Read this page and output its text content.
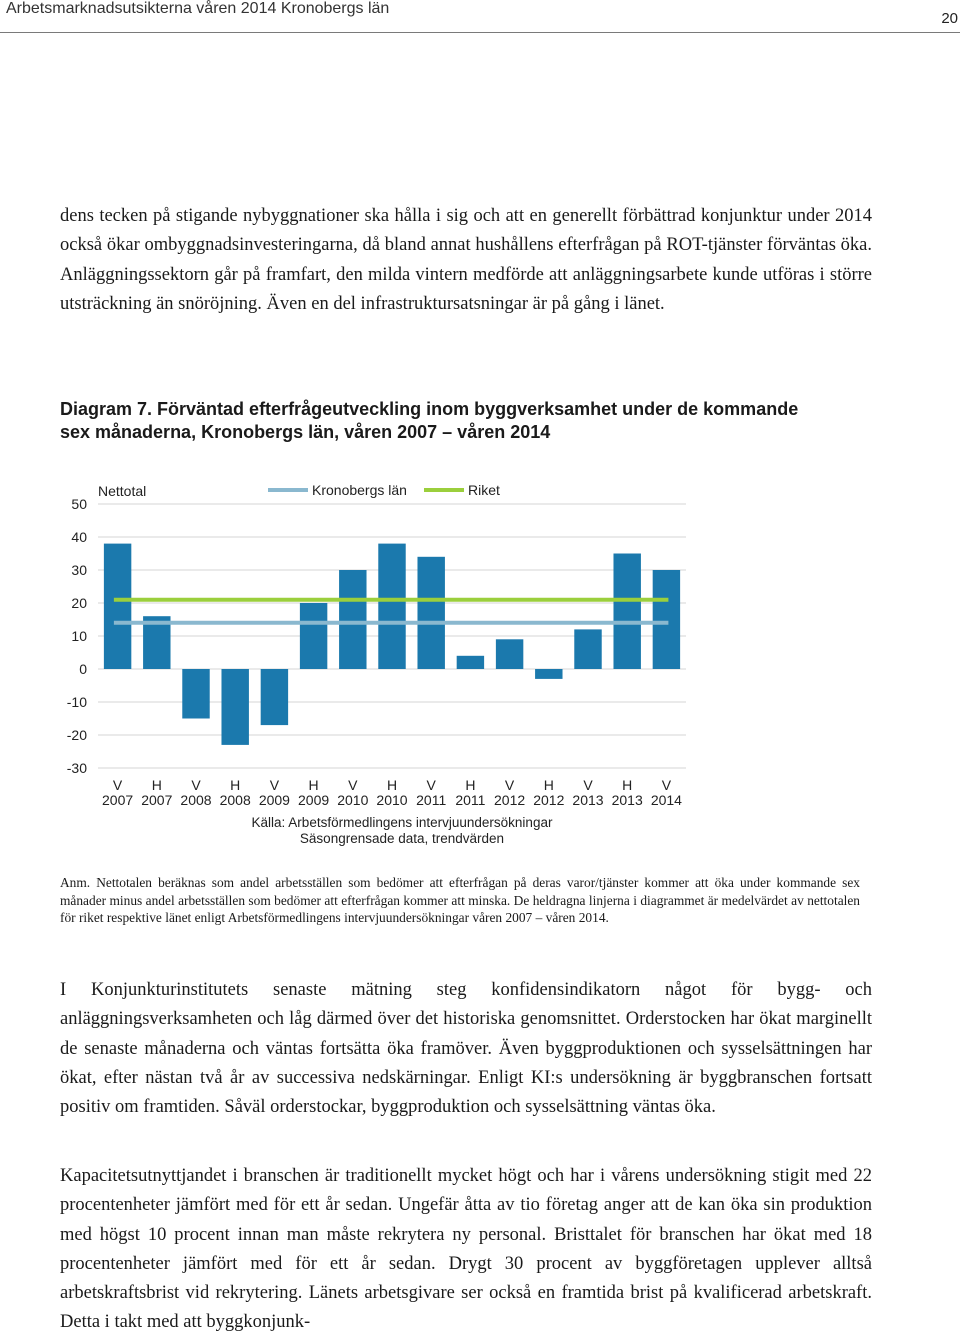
Arbetsmarknadsutsikterna våren 2014 Kronobergs län
20

dens tecken på stigande nybyggnationer ska hålla i sig och att en generellt förbättrad konjunktur under 2014 också ökar ombyggnadsinvesteringarna, då bland annat hushållens efterfrågan på ROT-tjänster förväntas öka. Anläggningssektorn går på framfart, den milda vintern medförde att anläggningsarbete kunde utföras i större utsträckning än snöröjning. Även en del infrastruktursatsningar är på gång i länet.

Diagram 7. Förväntad efterfrågeutveckling inom byggverksamhet under de kommande sex månaderna, Kronobergs län, våren 2007 – våren 2014

50
40
30
20
10
0
-10
-20
-30
V
2007
H
2007
V
2008
H
2008
V
2009
H
2009
V
2010
H
2010
V
2011
H
2011
V
2012
H
2012
V
2013
H
2013
V
2014
Kronobergs län	Riket
Nettotal
Källa: Arbetsförmedlingens intervjuundersökningar
Säsongrensade data, trendvärden

Anm. Nettotalen beräknas som andel arbetsställen som bedömer att efterfrågan på deras varor/tjänster kommer att öka under kommande sex månader minus andel arbetsställen som bedömer att efterfrågan kommer att minska. De heldragna linjerna i diagrammet är medelvärdet av nettotalen för riket respektive länet enligt Arbetsförmedlingens intervjuundersökningar våren 2007 – våren 2014.

I Konjunkturinstitutets senaste mätning steg konfidensindikatorn något för bygg- och anläggningsverksamheten och låg därmed över det historiska genomsnittet. Orderstocken har ökat marginellt de senaste månaderna och väntas fortsätta öka framöver. Även byggproduktionen och sysselsättningen har ökat, efter nästan två år av successiva nedskärningar. Enligt KI:s undersökning är byggbranschen fortsatt positiv om framtiden. Såväl orderstockar, byggproduktion och sysselsättning väntas öka.

Kapacitetsutnyttjandet i branschen är traditionellt mycket högt och har i vårens undersökning stigit med 22 procentenheter jämfört med för ett år sedan. Ungefär åtta av tio företag anger att de kan öka sin produktion med högst 10 procent innan man måste rekrytera ny personal. Bristtalet för branschen har ökat med 18 procentenheter jämfört med för ett år sedan. Drygt 30 procent av byggföretagen upplever alltså arbetskraftsbrist vid rekrytering. Länets arbetsgivare ser också en framtida brist på kvalificerad arbetskraft. Detta i takt med att byggkonjunk-
